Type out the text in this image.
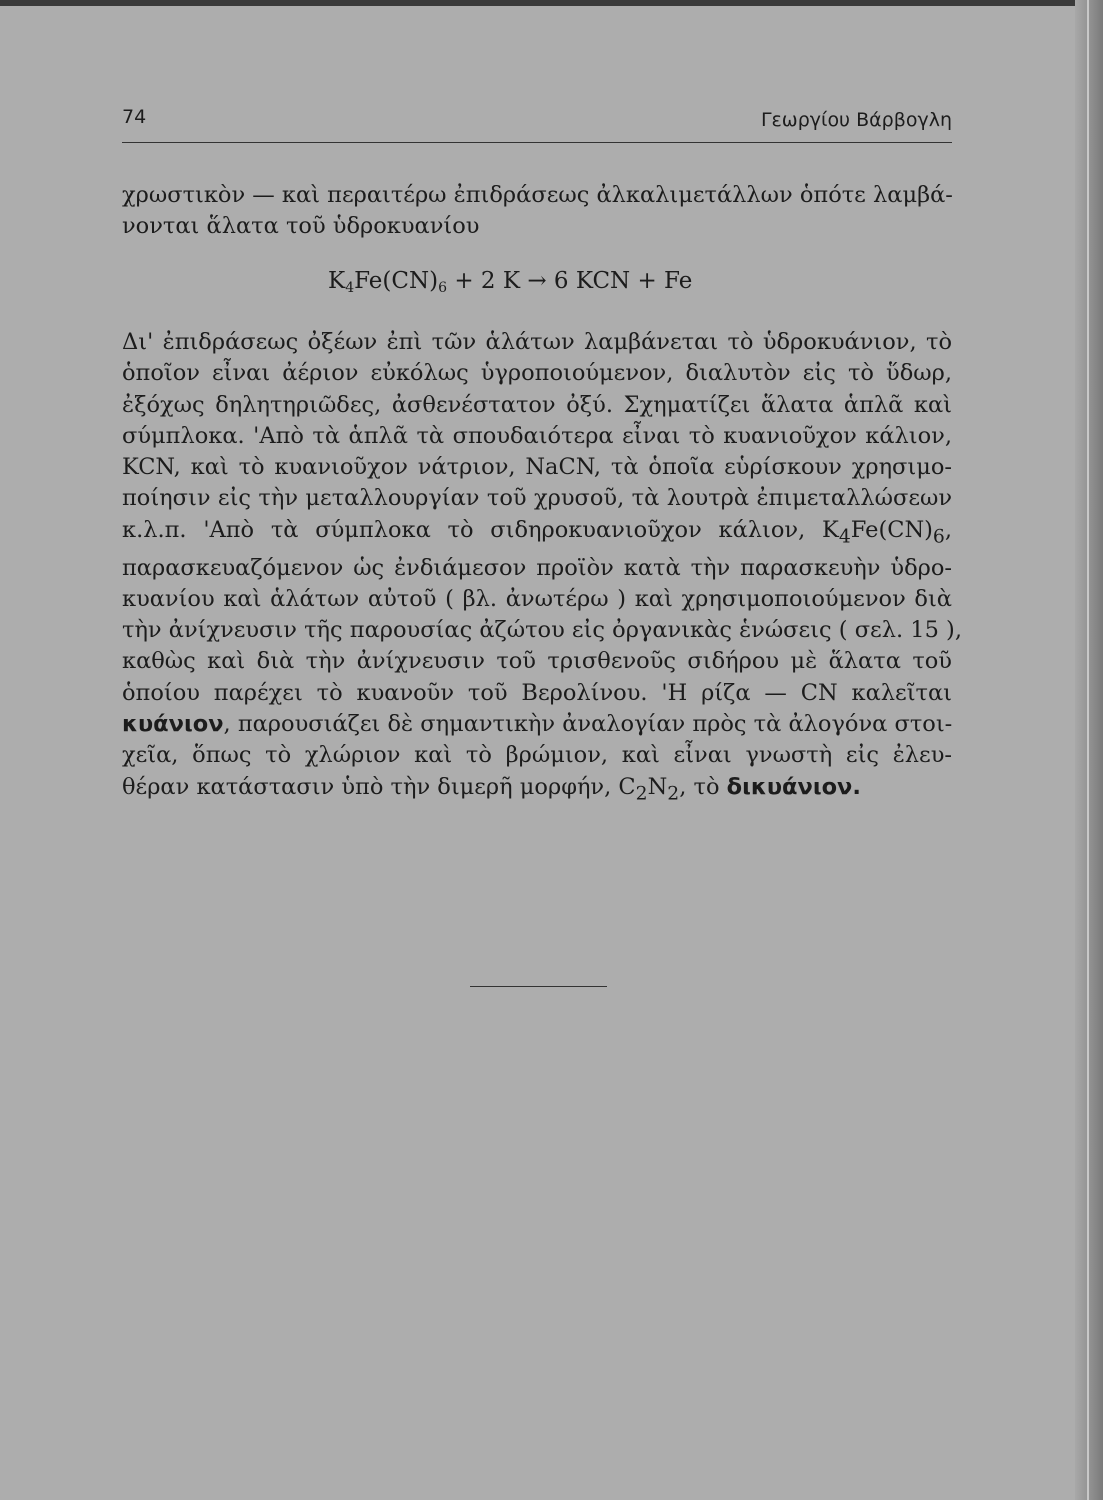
74	Γεωργίου Βάρβογλη
χρωστικὸν — καὶ περαιτέρω ἐπιδράσεως ἀλκαλιμετάλλων ὁπότε λαμβά-
νονται ἅλατα τοῦ ὑδροκυανίου
$K_4Fe(CN)_6 + 2$ K → 6 KCN + Fe
Δι' ἐπιδράσεως ὀξέων ἐπὶ τῶν ἁλάτων λαμβάνεται τὸ ὑδροκυάνιον, τὸ
ὁποῖον εἶναι ἀέριον εὐκόλως ὑγροποιούμενον, διαλυτὸν εἰς τὸ ὕδωρ,
ἐξόχως δηλητηριῶδες, ἀσθενέστατον ὀξύ. Σχηματίζει ἅλατα ἁπλᾶ καὶ
σύμπλοκα. 'Απὸ τὰ ἁπλᾶ τὰ σπουδαιότερα εἶναι τὸ κυανιοῦχον κάλιον,
KCN, καὶ τὸ κυανιοῦχον νάτριον, NaCN, τὰ ὁποῖα εὑρίσκουν χρησιμο-
ποίησιν εἰς τὴν μεταλλουργίαν τοῦ χρυσοῦ, τὰ λουτρὰ ἐπιμεταλλώσεων
κ.λ.π. 'Απὸ τὰ σύμπλοκα τὸ σιδηροκυανιοῦχον κάλιον, $K_4Fe(CN)_6$,
παρασκευαζόμενον ὡς ἐνδιάμεσον προϊὸν κατὰ τὴν παρασκευὴν ὑδρο-
κυανίου καὶ ἁλάτων αὐτοῦ ( βλ. ἀνωτέρω ) καὶ χρησιμοποιούμενον διὰ
τὴν ἀνίχνευσιν τῆς παρουσίας ἀζώτου εἰς ὀργανικὰς ἑνώσεις ( σελ. 15 ),
καθὼς καὶ διὰ τὴν ἀνίχνευσιν τοῦ τρισθενοῦς σιδήρου μὲ ἅλατα τοῦ
ὁποίου παρέχει τὸ κυανοῦν τοῦ Βερολίνου. 'Η ρίζα — CN καλεῖται
κυάνιον, παρουσιάζει δὲ σημαντικὴν ἀναλογίαν πρὸς τὰ ἀλογόνα στοι-
χεῖα, ὅπως τὸ χλώριον καὶ τὸ βρώμιον, καὶ εἶναι γνωστὴ εἰς ἐλευ-
θέραν κατάστασιν ὑπὸ τὴν διμερῆ μορφήν, $C_2N_2$, τὸ δικυάνιον.
